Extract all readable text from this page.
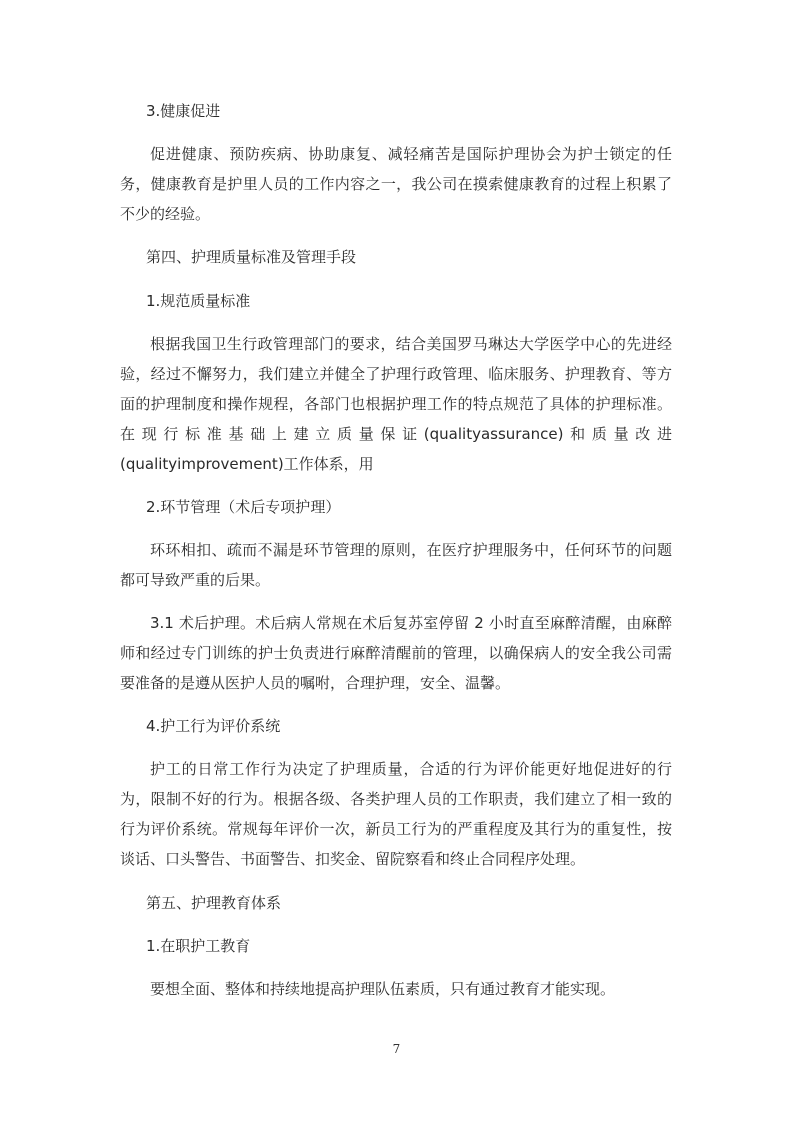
3.健康促进
促进健康、预防疾病、协助康复、减轻痛苦是国际护理协会为护士锁定的任务，健康教育是护里人员的工作内容之一，我公司在摸索健康教育的过程上积累了不少的经验。
第四、护理质量标准及管理手段
1.规范质量标准
根据我国卫生行政管理部门的要求，结合美国罗马琳达大学医学中心的先进经验，经过不懈努力，我们建立并健全了护理行政管理、临床服务、护理教育、等方面的护理制度和操作规程，各部门也根据护理工作的特点规范了具体的护理标准。在现行标准基础上建立质量保证(qualityassurance)和质量改进(qualityimprovement)工作体系，用
2.环节管理（术后专项护理）
环环相扣、疏而不漏是环节管理的原则，在医疗护理服务中，任何环节的问题都可导致严重的后果。
3.1 术后护理。术后病人常规在术后复苏室停留 2 小时直至麻醉清醒，由麻醉师和经过专门训练的护士负责进行麻醉清醒前的管理，以确保病人的安全我公司需要准备的是遵从医护人员的嘱咐，合理护理，安全、温馨。
4.护工行为评价系统
护工的日常工作行为决定了护理质量，合适的行为评价能更好地促进好的行为，限制不好的行为。根据各级、各类护理人员的工作职责，我们建立了相一致的行为评价系统。常规每年评价一次，新员工行为的严重程度及其行为的重复性，按谈话、口头警告、书面警告、扣奖金、留院察看和终止合同程序处理。
第五、护理教育体系
1.在职护工教育
要想全面、整体和持续地提高护理队伍素质，只有通过教育才能实现。
7
